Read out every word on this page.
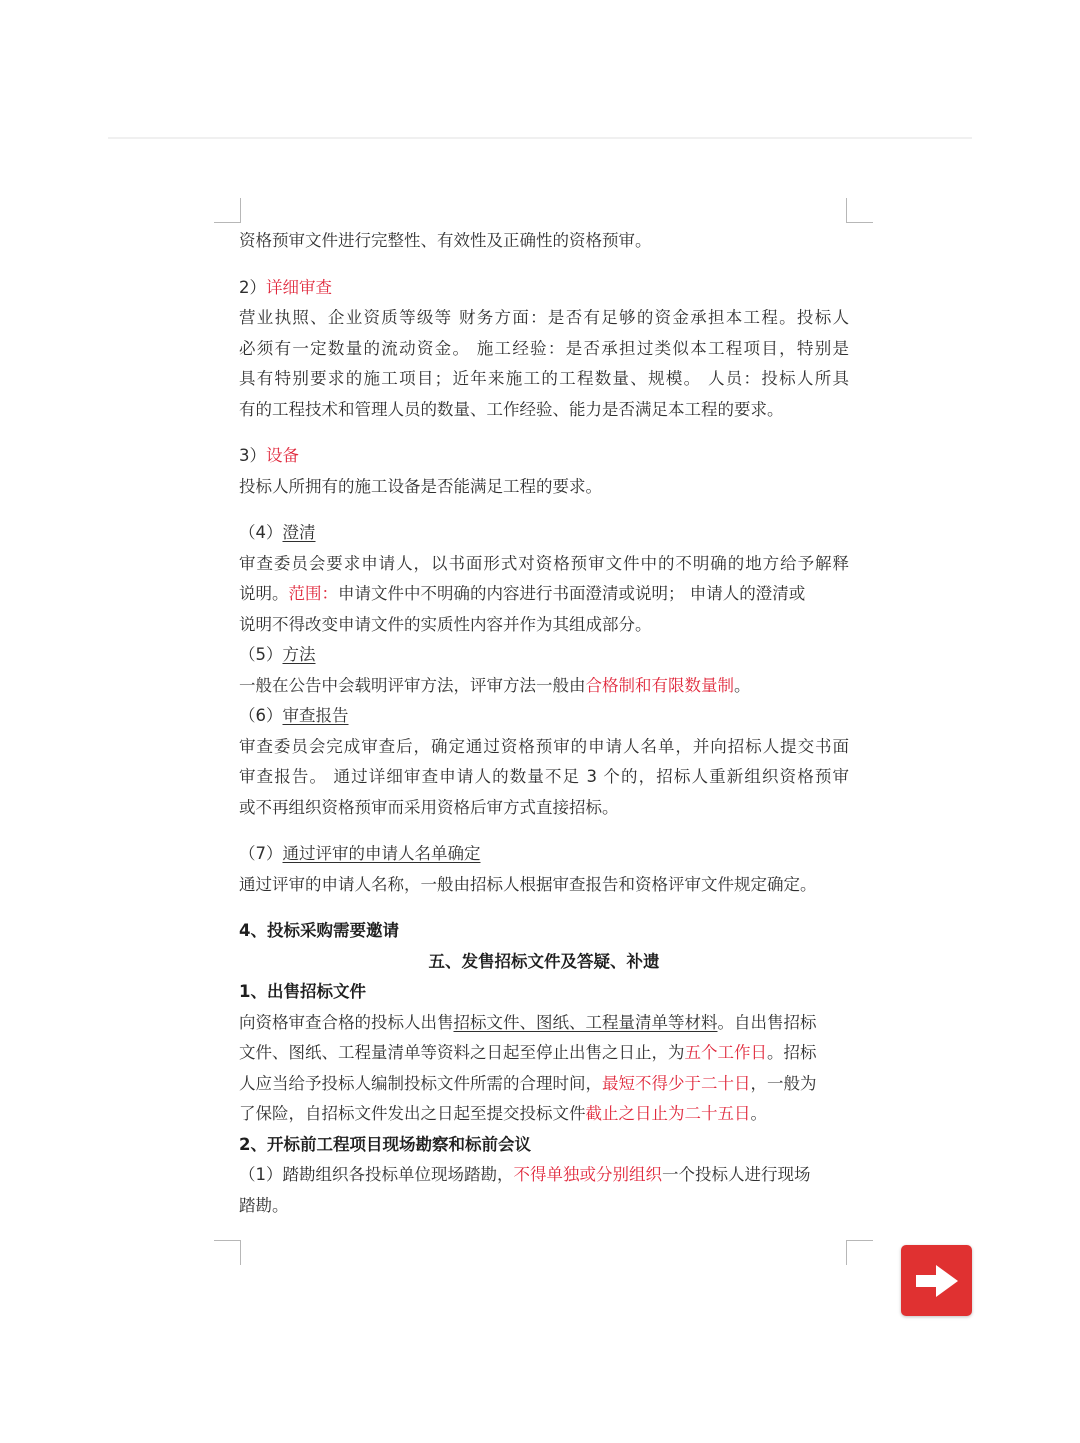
资格预审文件进行完整性、有效性及正确性的资格预审。
2）详细审查
营业执照、企业资质等级等 财务方面：是否有足够的资金承担本工程。投标人
必须有一定数量的流动资金。 施工经验：是否承担过类似本工程项目，特别是
具有特别要求的施工项目；近年来施工的工程数量、规模。 人员：投标人所具
有的工程技术和管理人员的数量、工作经验、能力是否满足本工程的要求。
3）设备
投标人所拥有的施工设备是否能满足工程的要求。
（4）澄清
审查委员会要求申请人，以书面形式对资格预审文件中的不明确的地方给予解释
说明。范围：申请文件中不明确的内容进行书面澄清或说明； 申请人的澄清或
说明不得改变申请文件的实质性内容并作为其组成部分。
（5）方法
一般在公告中会载明评审方法，评审方法一般由合格制和有限数量制。
（6）审查报告
审查委员会完成审查后，确定通过资格预审的申请人名单，并向招标人提交书面
审查报告。 通过详细审查申请人的数量不足 3 个的，招标人重新组织资格预审
或不再组织资格预审而采用资格后审方式直接招标。
（7）通过评审的申请人名单确定
通过评审的申请人名称，一般由招标人根据审查报告和资格评审文件规定确定。
4、投标采购需要邀请
五、发售招标文件及答疑、补遗
1、出售招标文件
向资格审查合格的投标人出售招标文件、图纸、工程量清单等材料。自出售招标
文件、图纸、工程量清单等资料之日起至停止出售之日止，为五个工作日。招标
人应当给予投标人编制投标文件所需的合理时间，最短不得少于二十日，一般为
了保险，自招标文件发出之日起至提交投标文件截止之日止为二十五日。
2、开标前工程项目现场勘察和标前会议
（1）踏勘组织各投标单位现场踏勘，不得单独或分别组织一个投标人进行现场
踏勘。
